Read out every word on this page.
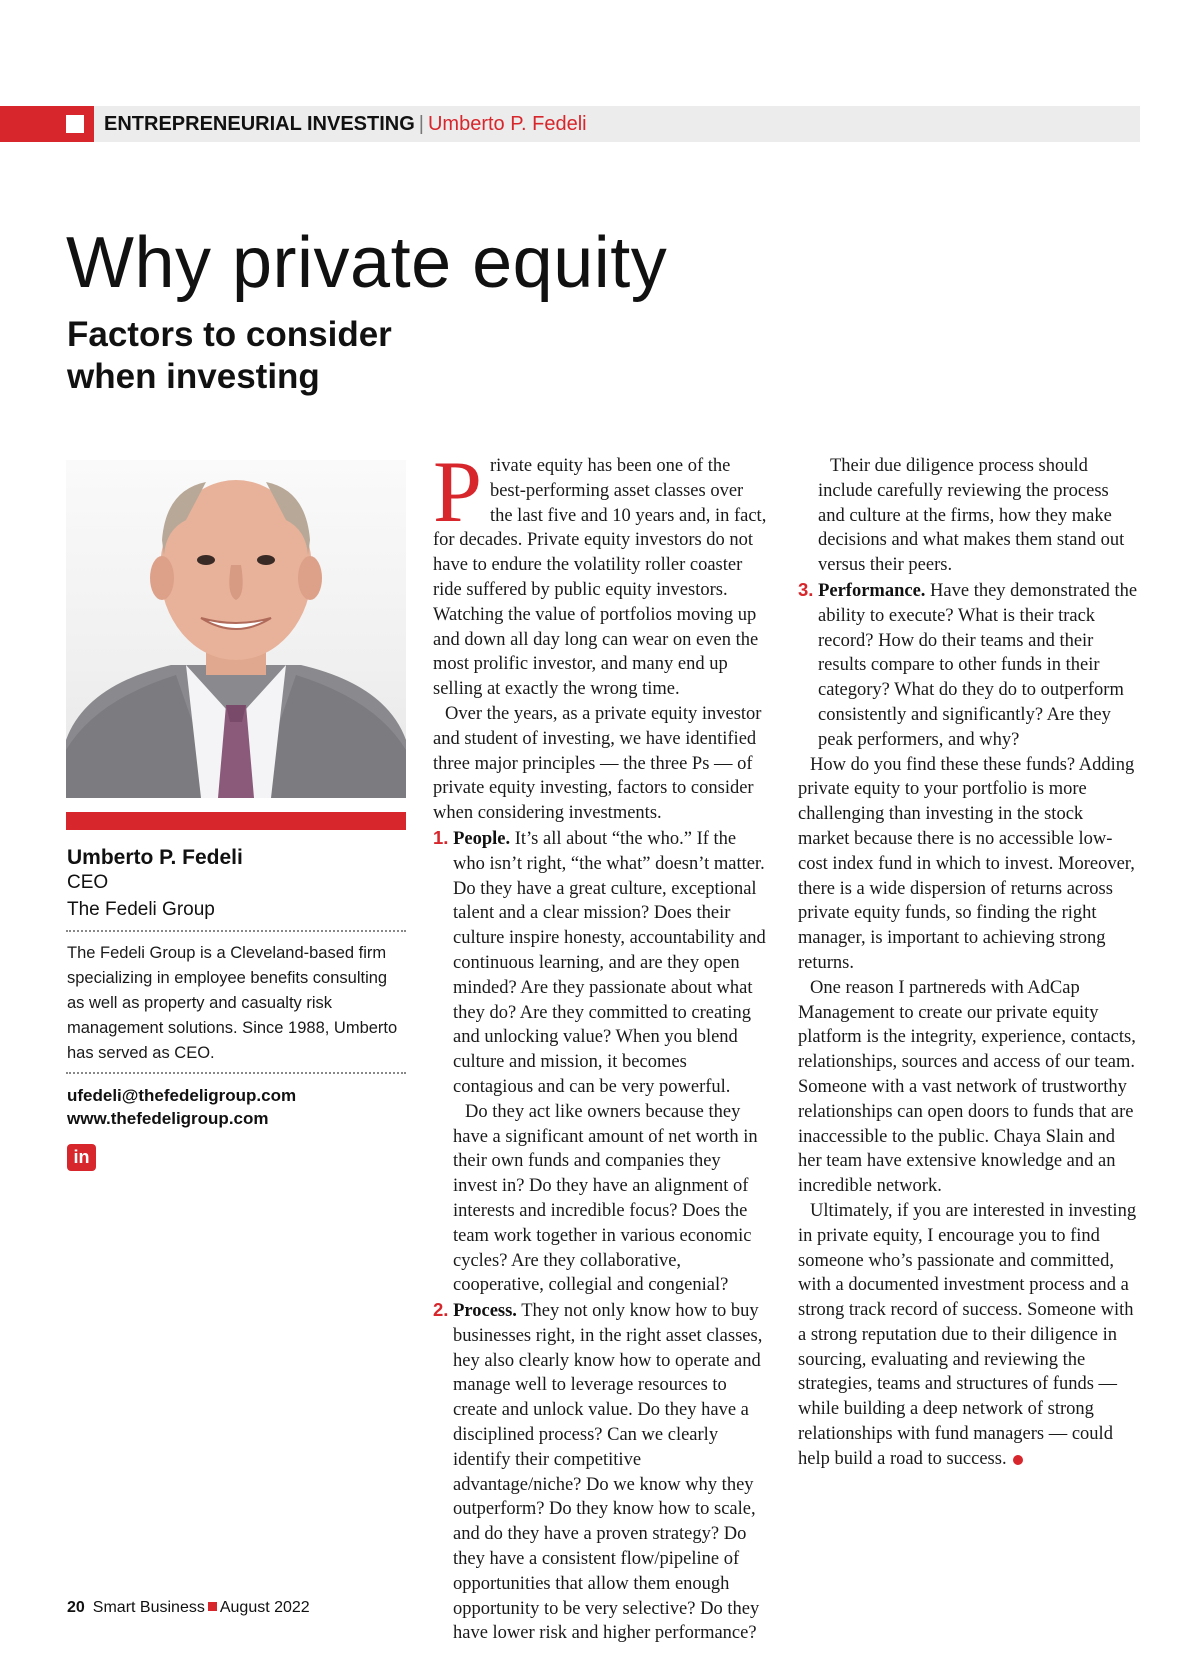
ENTREPRENEURIAL INVESTING | Umberto P. Fedeli
Why private equity
Factors to consider when investing
Umberto P. Fedeli
CEO
The Fedeli Group

The Fedeli Group is a Cleveland-based firm specializing in employee benefits consulting as well as property and casualty risk management solutions. Since 1988, Umberto has served as CEO.

ufedeli@thefedeligroup.com
www.thefedeligroup.com
in

Private equity has been one of the best-performing asset classes over the last five and 10 years and, in fact, for decades. Private equity investors do not have to endure the volatility roller coaster ride suffered by public equity investors. Watching the value of portfolios moving up and down all day long can wear on even the most prolific investor, and many end up selling at exactly the wrong time.

Over the years, as a private equity investor and student of investing, we have identified three major principles — the three Ps — of private equity investing, factors to consider when considering investments.

1. People. It’s all about “the who.” If the who isn’t right, “the what” doesn’t matter. Do they have a great culture, exceptional talent and a clear mission? Does their culture inspire honesty, accountability and continuous learning, and are they open minded? Are they passionate about what they do? Are they committed to creating and unlocking value? When you blend culture and mission, it becomes contagious and can be very powerful.

Do they act like owners because they have a significant amount of net worth in their own funds and companies they invest in? Do they have an alignment of interests and incredible focus? Does the team work together in various economic cycles? Are they collaborative, cooperative, collegial and congenial?

2. Process. They not only know how to buy businesses right, in the right asset classes, hey also clearly know how to operate and manage well to leverage resources to create and unlock value. Do they have a disciplined process? Can we clearly identify their competitive advantage/niche? Do we know why they outperform? Do they know how to scale, and do they have a proven strategy? Do they have a consistent flow/pipeline of opportunities that allow them enough opportunity to be very selective? Do they have lower risk and higher performance?

Their due diligence process should include carefully reviewing the process and culture at the firms, how they make decisions and what makes them stand out versus their peers.

3. Performance. Have they demonstrated the ability to execute? What is their track record? How do their teams and their results compare to other funds in their category? What do they do to outperform consistently and significantly? Are they peak performers, and why?

How do you find these these funds? Adding private equity to your portfolio is more challenging than investing in the stock market because there is no accessible low-cost index fund in which to invest. Moreover, there is a wide dispersion of returns across private equity funds, so finding the right manager, is important to achieving strong returns.

One reason I partnereds with AdCap Management to create our private equity platform is the integrity, experience, contacts, relationships, sources and access of our team. Someone with a vast network of trustworthy relationships can open doors to funds that are inaccessible to the public. Chaya Slain and her team have extensive knowledge and an incredible network.

Ultimately, if you are interested in investing in private equity, I encourage you to find someone who’s passionate and committed, with a documented investment process and a strong track record of success. Someone with a strong reputation due to their diligence in sourcing, evaluating and reviewing the strategies, teams and structures of funds — while building a deep network of strong relationships with fund managers — could help build a road to success.

20 Smart Business August 2022
